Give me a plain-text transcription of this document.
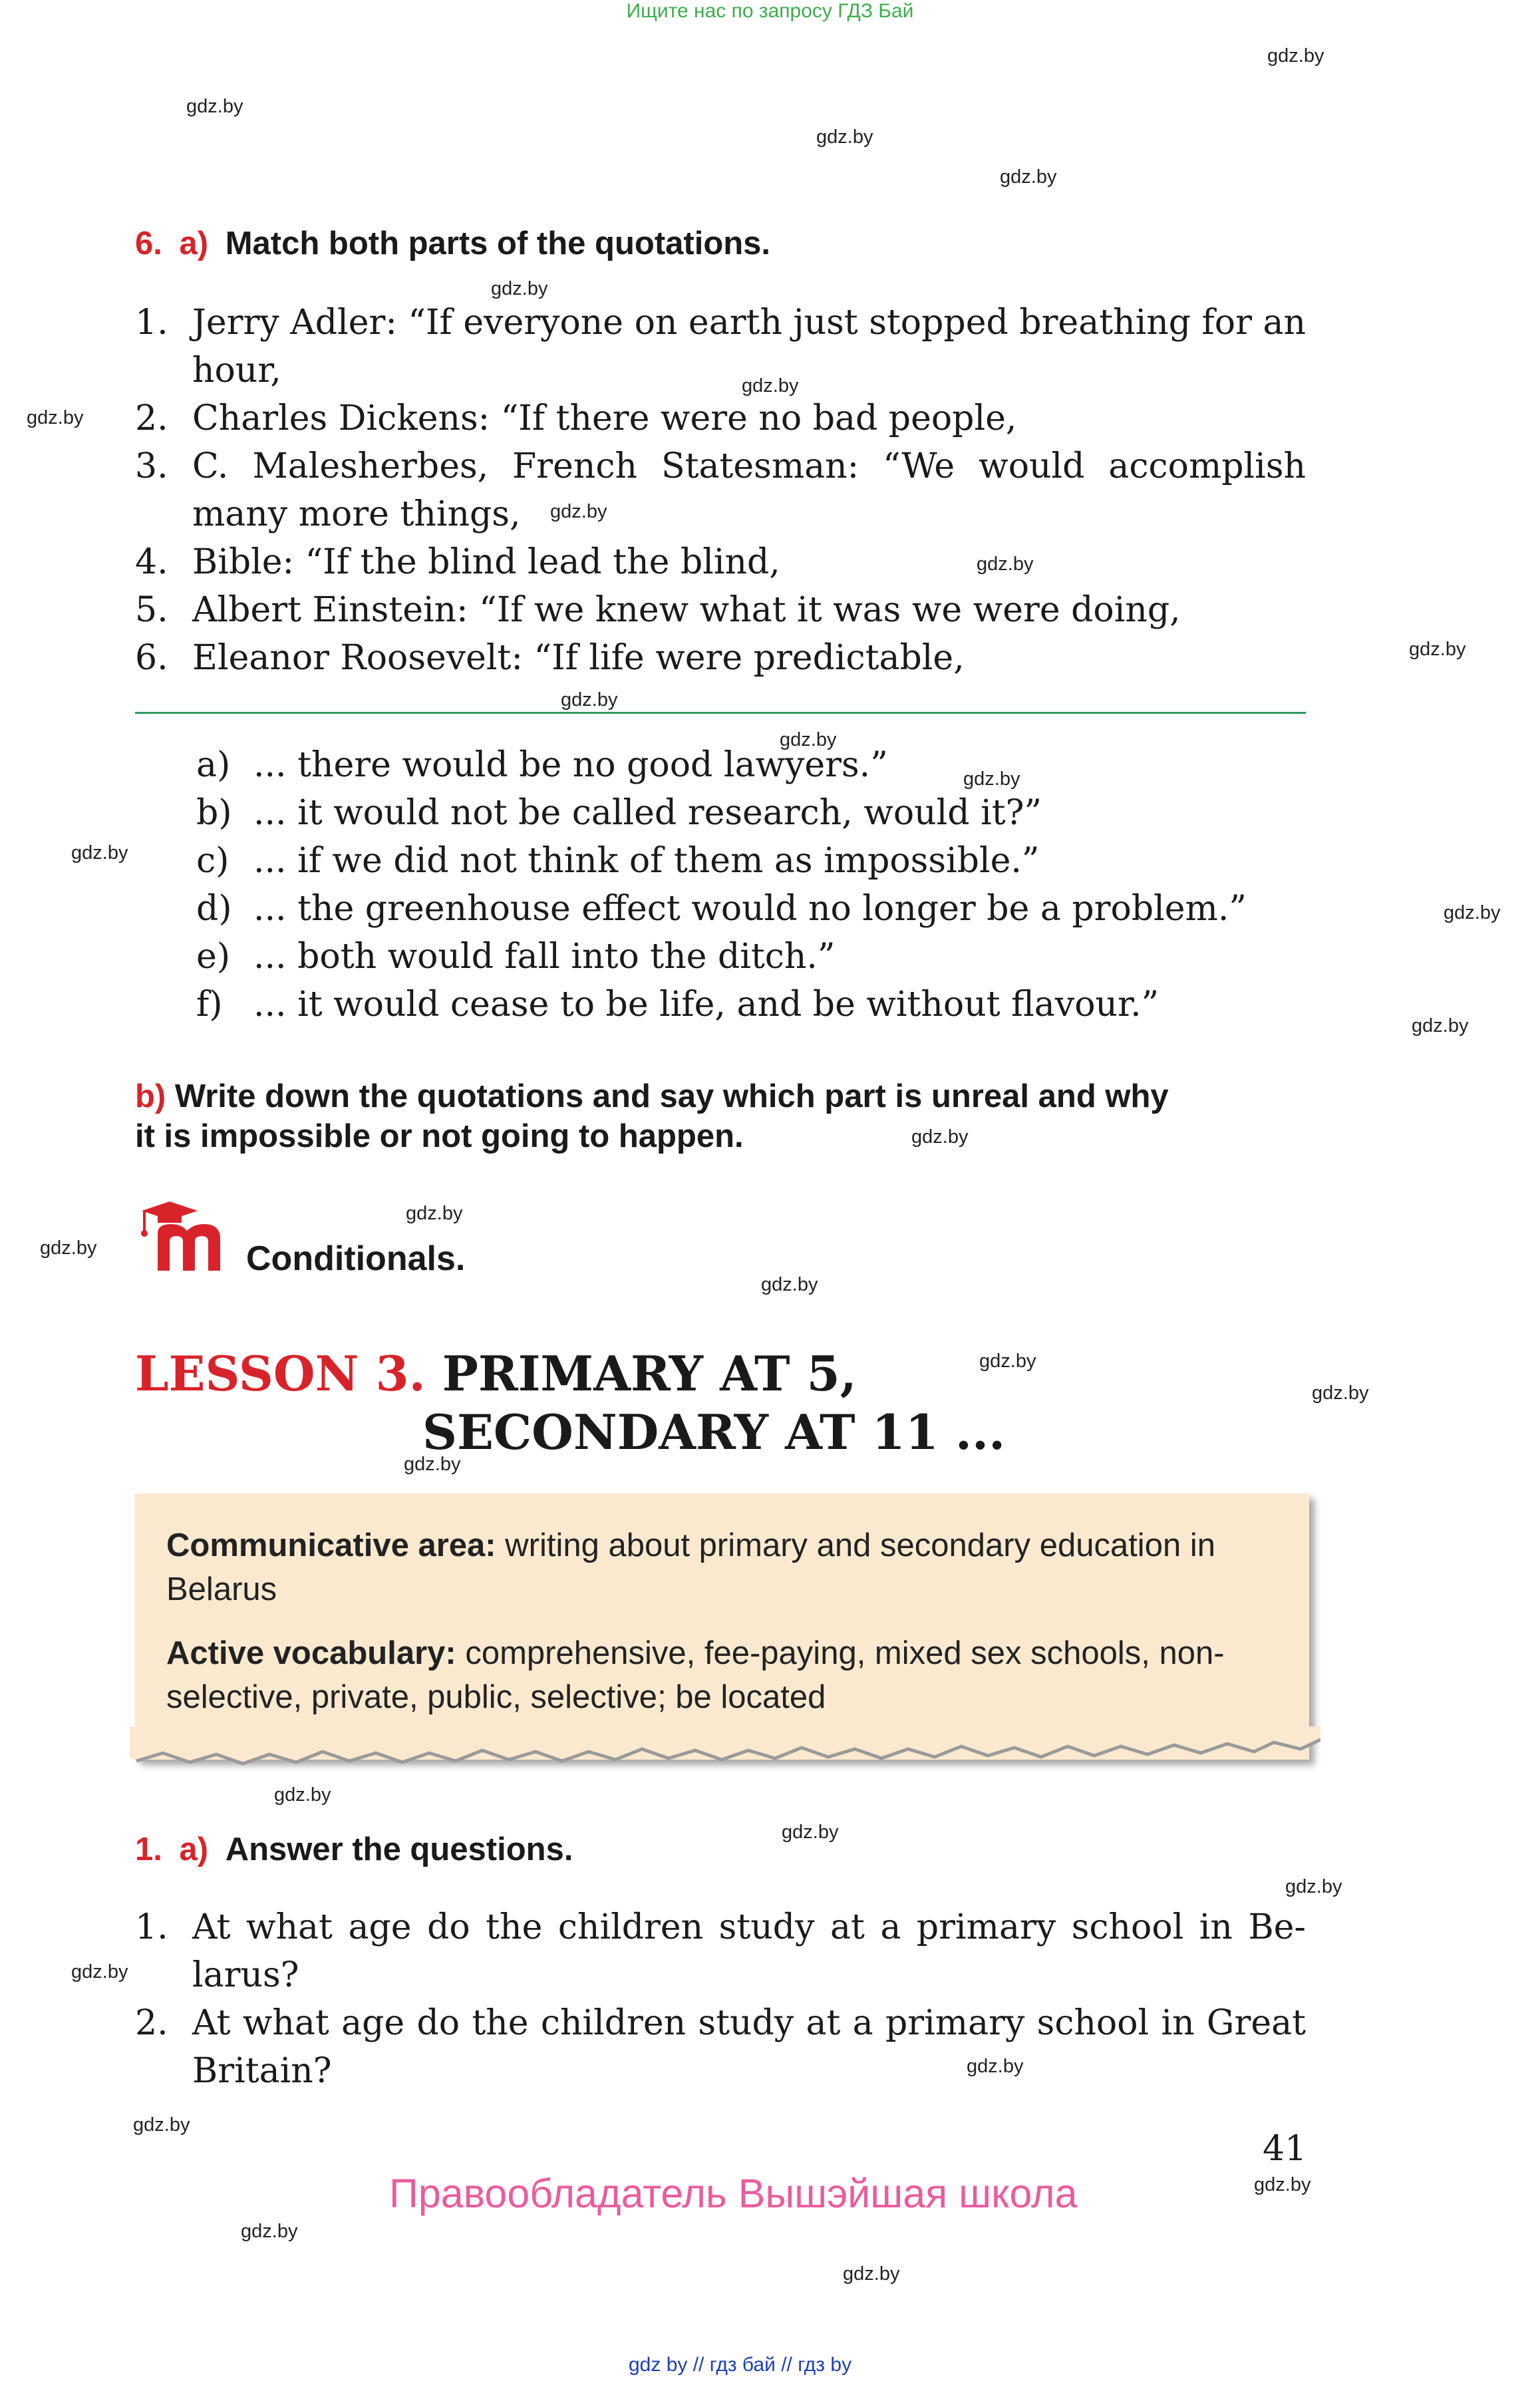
Ищите нас по запросу ГДЗ Бай
gdz.by
gdz.by
gdz.by
gdz.by
gdz.by
gdz.by
gdz.by
gdz.by
gdz.by
gdz.by
gdz.by
gdz.by
gdz.by
gdz.by
gdz.by
gdz.by
gdz.by
gdz.by
gdz.by
gdz.by
gdz.by
gdz.by
gdz.by
gdz.by
gdz.by
gdz.by
gdz.by
gdz.by
gdz.by
gdz.by
gdz.by
gdz.by
6. a) Match both parts of the quotations.
1. Jerry Adler: “If everyone on earth just stopped breathing for an hour,
2. Charles Dickens: “If there were no bad people,
3. C. Malesherbes, French Statesman: “We would accomplish many more things,
4. Bible: “If the blind lead the blind,
5. Albert Einstein: “If we knew what it was we were doing,
6. Eleanor Roosevelt: “If life were predictable,
a) ... there would be no good lawyers.”
b) ... it would not be called research, would it?”
c) ... if we did not think of them as impossible.”
d) ... the greenhouse effect would no longer be a problem.”
e) ... both would fall into the ditch.”
f) ... it would cease to be life, and be without flavour.”
b) Write down the quotations and say which part is unreal and why
it is impossible or not going to happen.
Conditionals.
LESSON 3. PRIMARY AT 5,
SECONDARY AT 11 ...
Communicative area: writing about primary and secondary education in Belarus
Active vocabulary: comprehensive, fee-paying, mixed sex schools, non-selective, private, public, selective; be located
1. a) Answer the questions.
1. At what age do the children study at a primary school in Be-larus?
2. At what age do the children study at a primary school in Great Britain?
41
Правообладатель Вышэйшая школа
gdz by // гдз бай // гдз by
